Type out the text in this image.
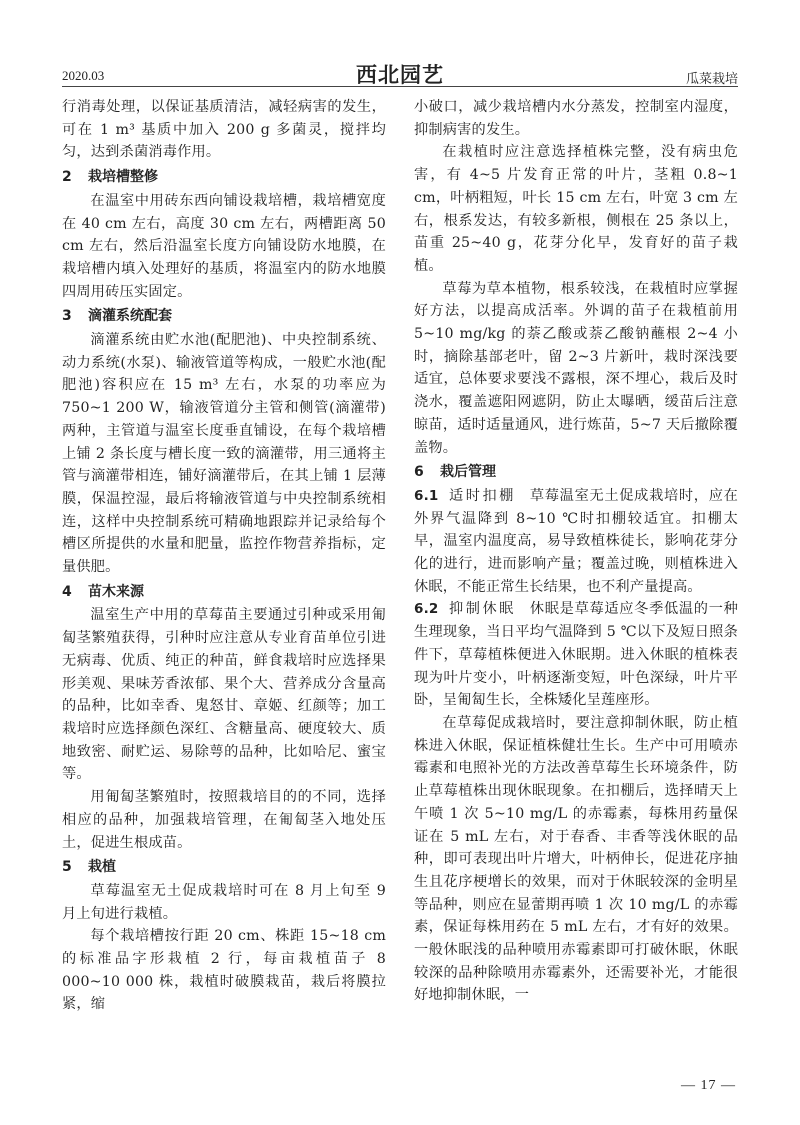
2020.03	西北园艺	瓜菜栽培

行消毒处理，以保证基质清洁，减轻病害的发生，可在 1 m³ 基质中加入 200 g 多菌灵，搅拌均匀，达到杀菌消毒作用。

2 栽培槽整修

在温室中用砖东西向铺设栽培槽，栽培槽宽度在 40 cm 左右，高度 30 cm 左右，两槽距离 50 cm 左右，然后沿温室长度方向铺设防水地膜，在栽培槽内填入处理好的基质，将温室内的防水地膜四周用砖压实固定。

3 滴灌系统配套

滴灌系统由贮水池(配肥池)、中央控制系统、动力系统(水泵)、输液管道等构成，一般贮水池(配肥池)容积应在 15 m³ 左右，水泵的功率应为 750~1 200 W，输液管道分主管和侧管(滴灌带)两种，主管道与温室长度垂直铺设，在每个栽培槽上铺 2 条长度与槽长度一致的滴灌带，用三通将主管与滴灌带相连，铺好滴灌带后，在其上铺 1 层薄膜，保温控湿，最后将输液管道与中央控制系统相连，这样中央控制系统可精确地跟踪并记录给每个槽区所提供的水量和肥量，监控作物营养指标，定量供肥。

4 苗木来源

温室生产中用的草莓苗主要通过引种或采用匍匐茎繁殖获得，引种时应注意从专业育苗单位引进无病毒、优质、纯正的种苗，鲜食栽培时应选择果形美观、果味芳香浓郁、果个大、营养成分含量高的品种，比如幸香、鬼怒甘、章姬、红颜等；加工栽培时应选择颜色深红、含糖量高、硬度较大、质地致密、耐贮运、易除萼的品种，比如哈尼、蜜宝等。

用匍匐茎繁殖时，按照栽培目的的不同，选择相应的品种，加强栽培管理，在匍匐茎入地处压土，促进生根成苗。

5 栽植

草莓温室无土促成栽培时可在 8 月上旬至 9 月上旬进行栽植。

每个栽培槽按行距 20 cm、株距 15~18 cm 的标准品字形栽植 2 行，每亩栽植苗子 8 000~10 000 株，栽植时破膜栽苗，栽后将膜拉紧，缩

小破口，减少栽培槽内水分蒸发，控制室内湿度，抑制病害的发生。

在栽植时应注意选择植株完整，没有病虫危害，有 4~5 片发育正常的叶片，茎粗 0.8~1 cm，叶柄粗短，叶长 15 cm 左右，叶宽 3 cm 左右，根系发达，有较多新根，侧根在 25 条以上，苗重 25~40 g，花芽分化早，发育好的苗子栽植。

草莓为草本植物，根系较浅，在栽植时应掌握好方法，以提高成活率。外调的苗子在栽植前用 5~10 mg/kg 的萘乙酸或萘乙酸钠蘸根 2~4 小时，摘除基部老叶，留 2~3 片新叶，栽时深浅要适宜，总体要求要浅不露根，深不埋心，栽后及时浇水，覆盖遮阳网遮阴，防止太曝晒，缓苗后注意晾苗，适时适量通风，进行炼苗，5~7 天后撤除覆盖物。

6 栽后管理

6.1 适时扣棚 草莓温室无土促成栽培时，应在外界气温降到 8~10 ℃时扣棚较适宜。扣棚太早，温室内温度高，易导致植株徒长，影响花芽分化的进行，进而影响产量；覆盖过晚，则植株进入休眠，不能正常生长结果，也不利产量提高。

6.2 抑制休眠 休眠是草莓适应冬季低温的一种生理现象，当日平均气温降到 5 ℃以下及短日照条件下，草莓植株便进入休眠期。进入休眠的植株表现为叶片变小，叶柄逐渐变短，叶色深绿，叶片平卧，呈匍匐生长，全株矮化呈莲座形。

在草莓促成栽培时，要注意抑制休眠，防止植株进入休眠，保证植株健壮生长。生产中可用喷赤霉素和电照补光的方法改善草莓生长环境条件，防止草莓植株出现休眠现象。在扣棚后，选择晴天上午喷 1 次 5~10 mg/L 的赤霉素，每株用药量保证在 5 mL 左右，对于春香、丰香等浅休眠的品种，即可表现出叶片增大，叶柄伸长，促进花序抽生且花序梗增长的效果，而对于休眠较深的金明星等品种，则应在显蕾期再喷 1 次 10 mg/L 的赤霉素，保证每株用药在 5 mL 左右，才有好的效果。一般休眠浅的品种喷用赤霉素即可打破休眠，休眠较深的品种除喷用赤霉素外，还需要补光，才能很好地抑制休眠，一

— 17 —
